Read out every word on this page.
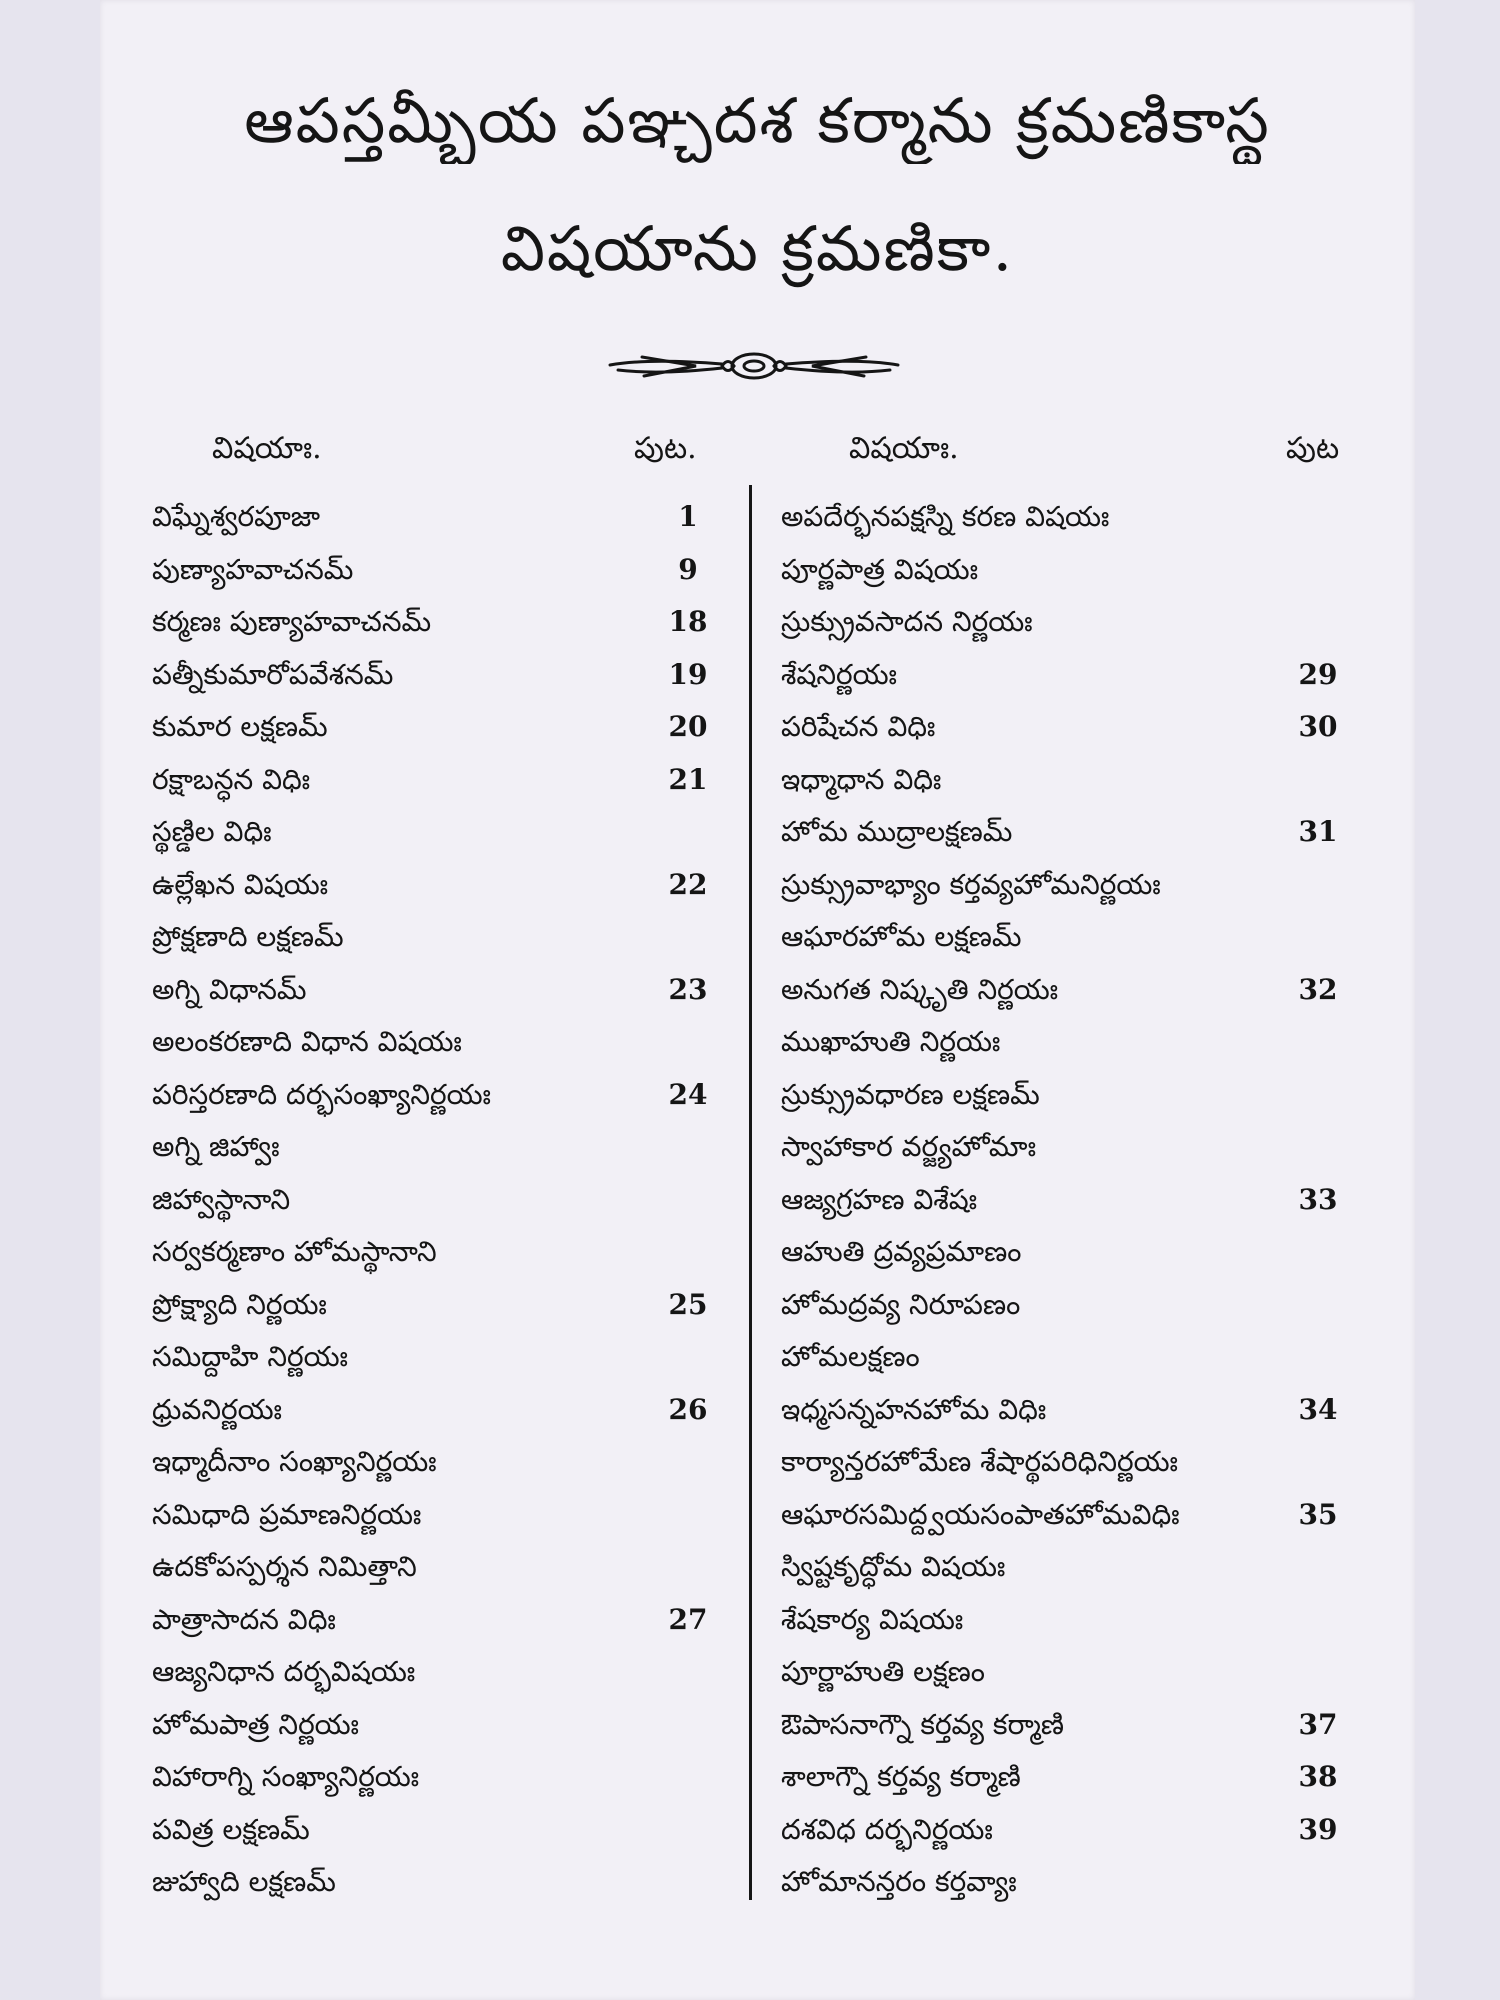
ఆపస్తమ్బీయ పఞ్చదశ కర్మాను క్రమణికాస్థ
విషయాను క్రమణికా.
విషయాః.	పుట.	విషయాః.	పుట
విఘ్నేశ్వరపూజా	1
పుణ్యాహవాచనమ్	9
కర్మణః పుణ్యాహవాచనమ్	18
పత్నీకుమారోపవేశనమ్	19
కుమార లక్షణమ్	20
రక్షాబన్ధన విధిః	21
స్థణ్డిల విధిః
ఉల్లేఖన విషయః	22
ప్రోక్షణాది లక్షణమ్
అగ్ని విధానమ్	23
అలంకరణాది విధాన విషయః
పరిస్తరణాది దర్భసంఖ్యానిర్ణయః	24
అగ్ని జిహ్వాః
జిహ్వాస్థానాని
సర్వకర్మణాం హోమస్థానాని
ప్రోక్ష్యాది నిర్ణయః	25
సమిద్దాహి నిర్ణయః
ధ్రువనిర్ణయః	26
ఇధ్మాదీనాం సంఖ్యానిర్ణయః
సమిధాది ప్రమాణనిర్ణయః
ఉదకోపస్పర్శన నిమిత్తాని
పాత్రాసాదన విధిః	27
ఆజ్యనిధాన దర్భవిషయః
హోమపాత్ర నిర్ణయః
విహారాగ్ని సంఖ్యానిర్ణయః
పవిత్ర లక్షణమ్
జుహ్వాది లక్షణమ్
అపదేర్భనపక్షస్ని కరణ విషయః
పూర్ణపాత్ర విషయః
స్రుక్స్రువసాదన నిర్ణయః
శేషనిర్ణయః	29
పరిషేచన విధిః	30
ఇధ్మాధాన విధిః
హోమ ముద్రాలక్షణమ్	31
స్రుక్స్రువాభ్యాం కర్తవ్యహోమనిర్ణయః
ఆఘారహోమ లక్షణమ్
అనుగత నిష్కృతి నిర్ణయః	32
ముఖాహుతి నిర్ణయః
స్రుక్స్రువధారణ లక్షణమ్
స్వాహాకార వర్జ్యహోమాః
ఆజ్యగ్రహణ విశేషః	33
ఆహుతి ద్రవ్యప్రమాణం
హోమద్రవ్య నిరూపణం
హోమలక్షణం
ఇధ్మసన్నహనహోమ విధిః	34
కార్యాన్తరహోమేణ శేషార్థపరిధినిర్ణయః
ఆఘారసమిద్ద్వయసంపాతహోమవిధిః	35
స్విష్టకృద్ధోమ విషయః
శేషకార్య విషయః
పూర్ణాహుతి లక్షణం
ఔపాసనాగ్నౌ కర్తవ్య కర్మాణి	37
శాలాగ్నౌ కర్తవ్య కర్మాణి	38
దశవిధ దర్భనిర్ణయః	39
హోమానన్తరం కర్తవ్యాః
